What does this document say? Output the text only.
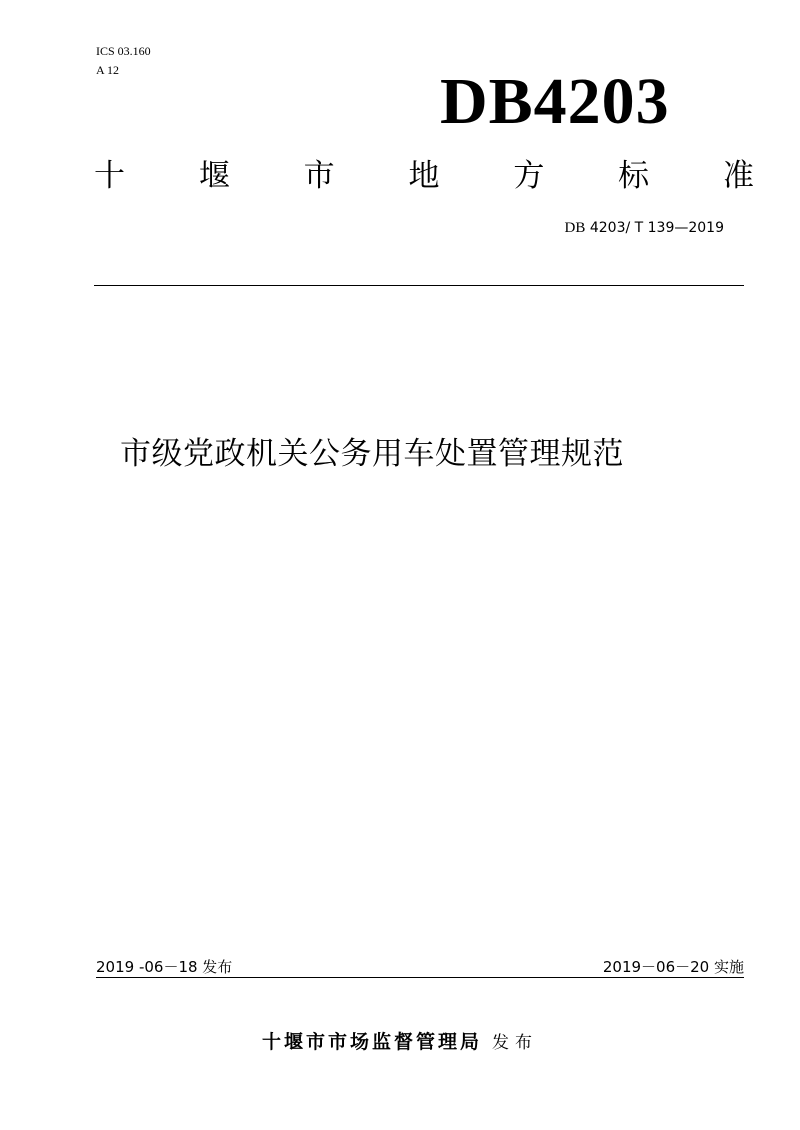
ICS 03.160
A 12	DB4203
十 堰 市 地 方 标 准
DB 4203/ T 139—2019
市级党政机关公务用车处置管理规范
2019 -06－18 发布	2019－06－20 实施
十堰市市场监督管理局 发布
